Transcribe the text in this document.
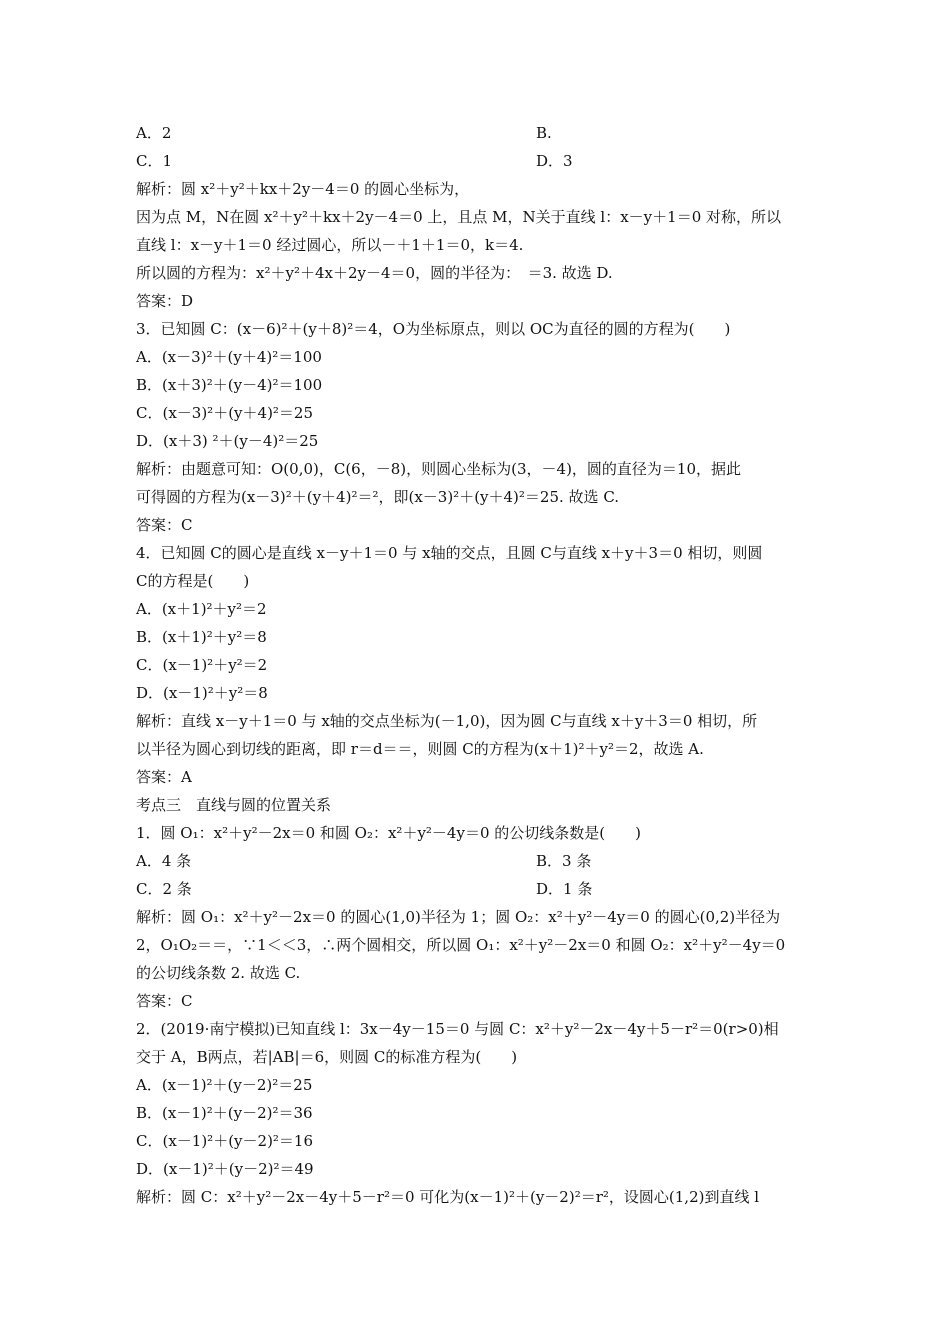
A．2	B.
C．1	D．3
解析：圆 x²＋y²＋kx＋2y－4＝0 的圆心坐标为，
因为点 M，N在圆 x²＋y²＋kx＋2y－4＝0 上，且点 M，N关于直线 l：x－y＋1＝0 对称，所以
直线 l：x－y＋1＝0 经过圆心，所以－＋1＋1＝0，k＝4.
所以圆的方程为：x²＋y²＋4x＋2y－4＝0，圆的半径为：　＝3. 故选 D.
答案：D
3．已知圆 C：(x－6)²＋(y＋8)²＝4，O为坐标原点，则以 OC为直径的圆的方程为(　　)
A．(x－3)²＋(y＋4)²＝100
B．(x＋3)²＋(y－4)²＝100
C．(x－3)²＋(y＋4)²＝25
D．(x＋3) ²＋(y－4)²＝25
解析：由题意可知：O(0,0)，C(6，－8)，则圆心坐标为(3，－4)，圆的直径为＝10，据此
可得圆的方程为(x－3)²＋(y＋4)²＝²，即(x－3)²＋(y＋4)²＝25. 故选 C.
答案：C
4．已知圆 C的圆心是直线 x－y＋1＝0 与 x轴的交点，且圆 C与直线 x＋y＋3＝0 相切，则圆
C的方程是(　　)
A．(x＋1)²＋y²＝2
B．(x＋1)²＋y²＝8
C．(x－1)²＋y²＝2
D．(x－1)²＋y²＝8
解析：直线 x－y＋1＝0 与 x轴的交点坐标为(－1,0)，因为圆 C与直线 x＋y＋3＝0 相切，所
以半径为圆心到切线的距离，即 r＝d＝＝，则圆 C的方程为(x＋1)²＋y²＝2，故选 A.
答案：A
考点三　直线与圆的位置关系
1．圆 O₁：x²＋y²－2x＝0 和圆 O₂：x²＋y²－4y＝0 的公切线条数是(　　)
A．4 条	B．3 条
C．2 条	D．1 条
解析：圆 O₁：x²＋y²－2x＝0 的圆心(1,0)半径为 1；圆 O₂：x²＋y²－4y＝0 的圆心(0,2)半径为
2，O₁O₂＝＝，∵1＜＜3，∴两个圆相交，所以圆 O₁：x²＋y²－2x＝0 和圆 O₂：x²＋y²－4y＝0
的公切线条数 2. 故选 C.
答案：C
2．(2019·南宁模拟)已知直线 l：3x－4y－15＝0 与圆 C：x²＋y²－2x－4y＋5－r²＝0(r>0)相
交于 A，B两点，若|AB|＝6，则圆 C的标准方程为(　　)
A．(x－1)²＋(y－2)²＝25
B．(x－1)²＋(y－2)²＝36
C．(x－1)²＋(y－2)²＝16
D．(x－1)²＋(y－2)²＝49
解析：圆 C：x²＋y²－2x－4y＋5－r²＝0 可化为(x－1)²＋(y－2)²＝r²，设圆心(1,2)到直线 l
